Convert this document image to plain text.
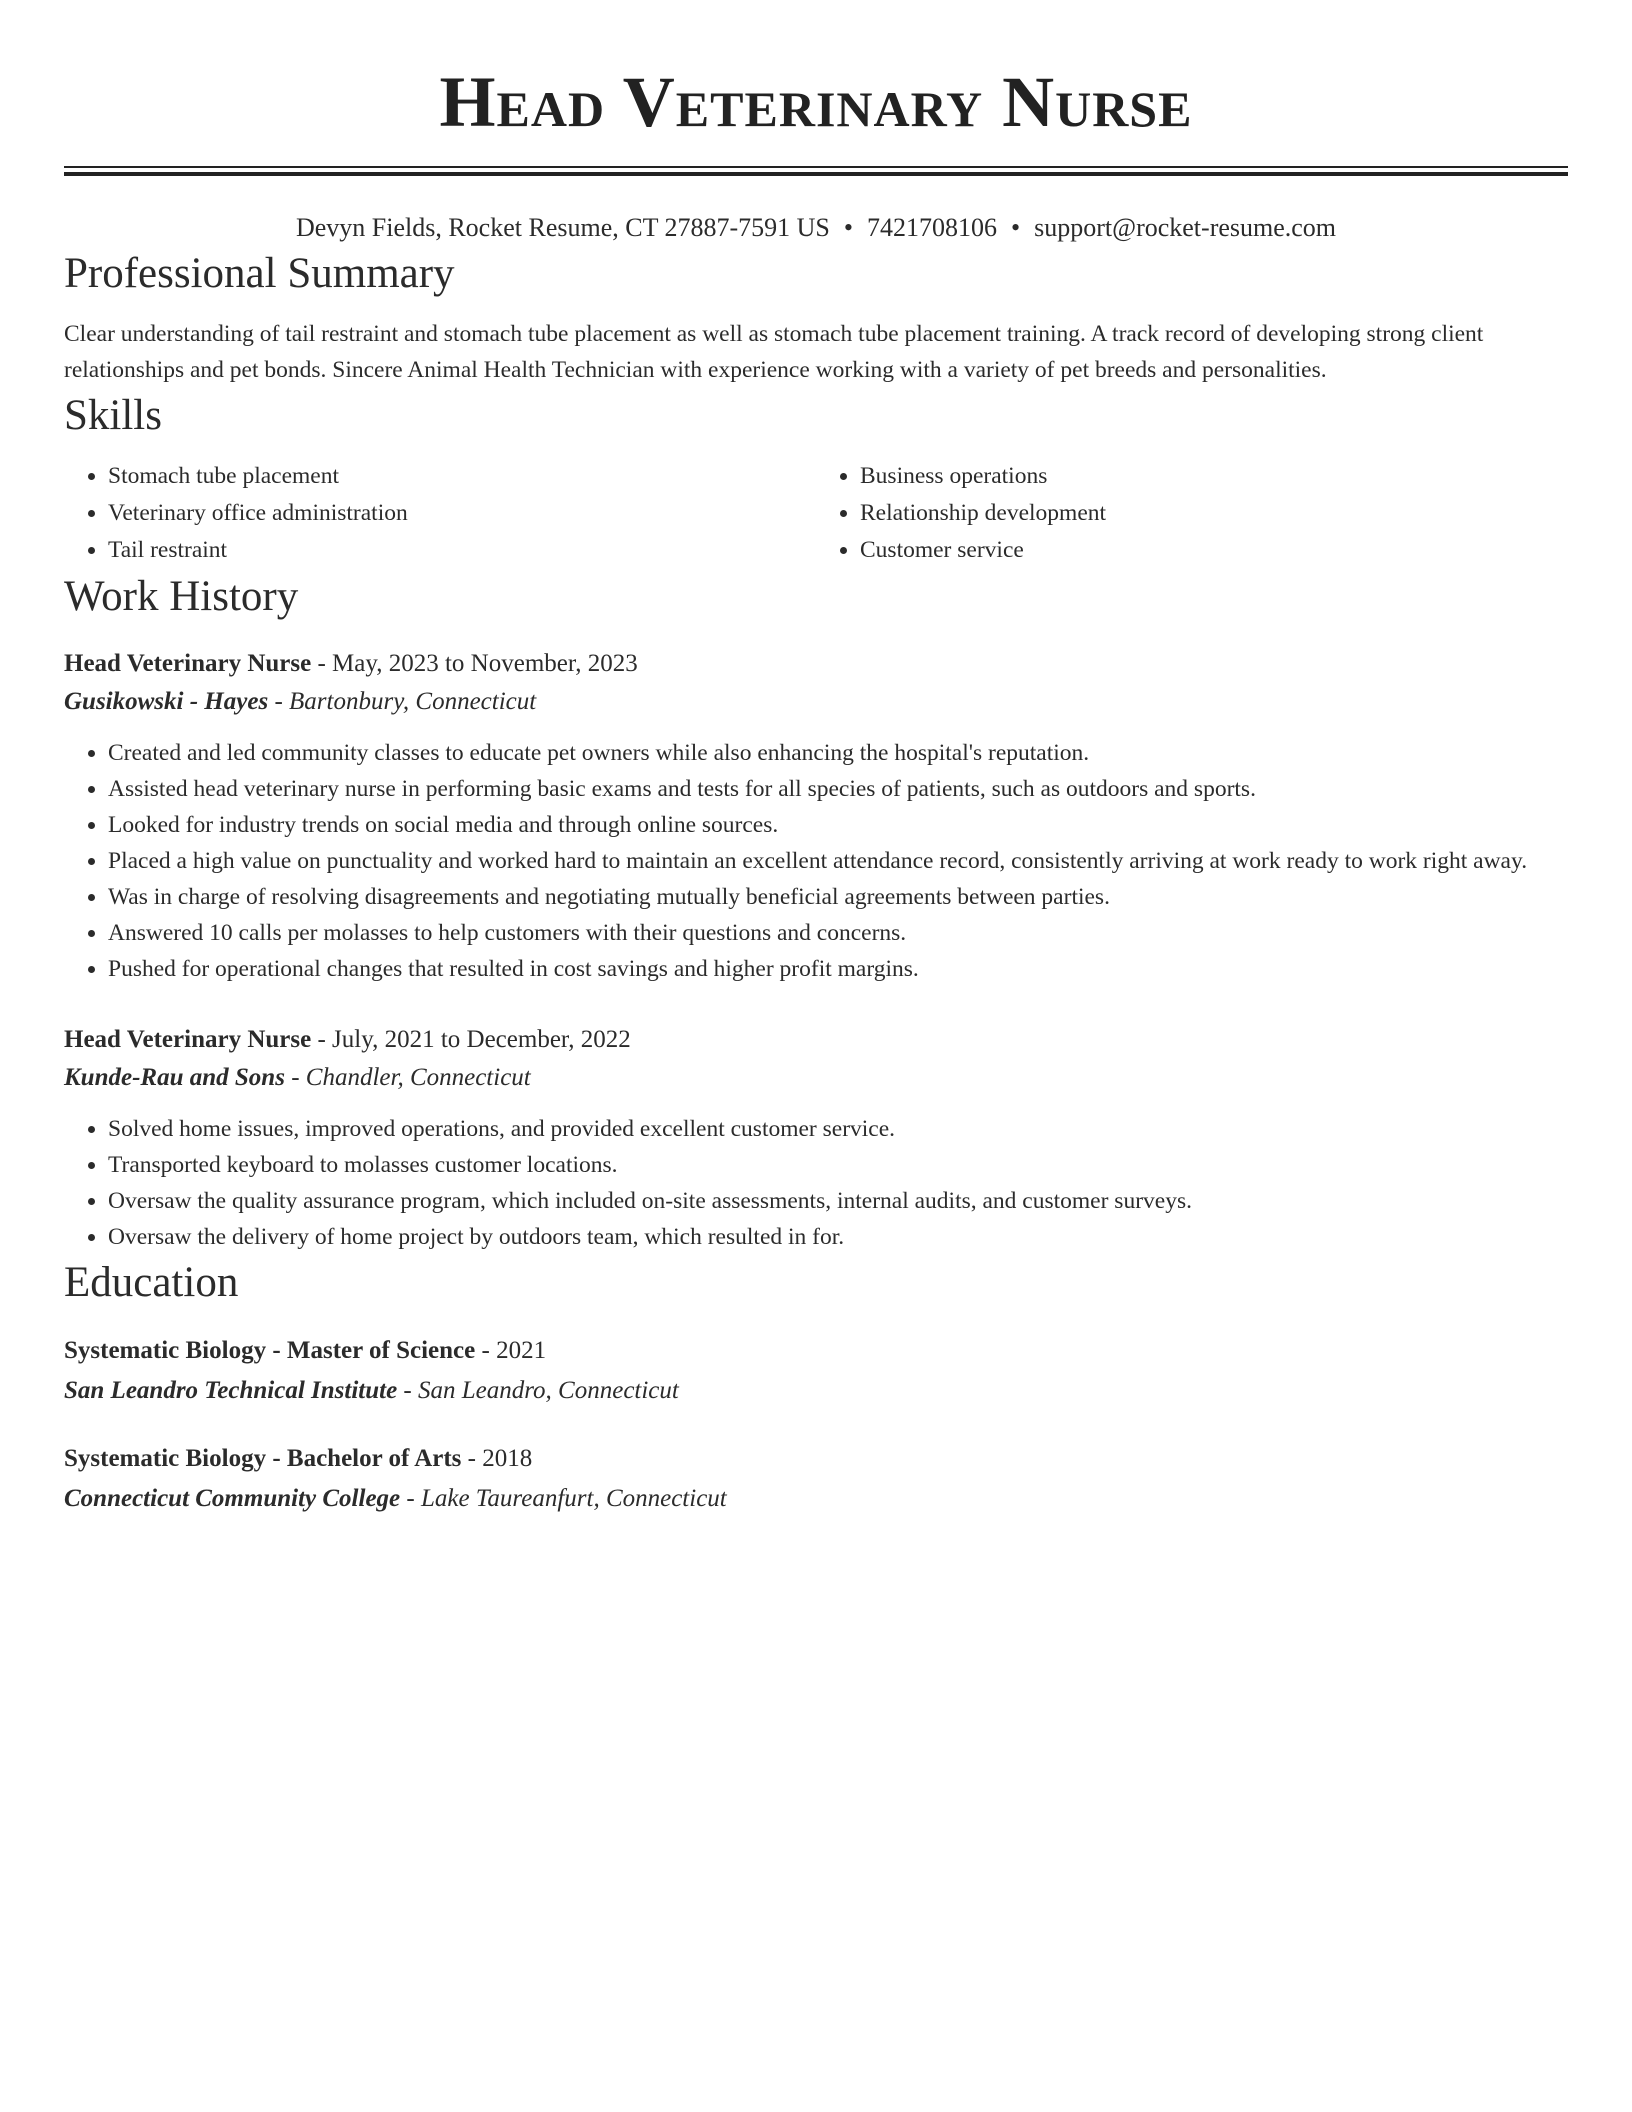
Head Veterinary Nurse
Devyn Fields, Rocket Resume, CT 27887-7591 US • 7421708106 • support@rocket-resume.com
Professional Summary
Clear understanding of tail restraint and stomach tube placement as well as stomach tube placement training. A track record of developing strong client relationships and pet bonds. Sincere Animal Health Technician with experience working with a variety of pet breeds and personalities.
Skills
• Stomach tube placement
• Veterinary office administration
• Tail restraint
• Business operations
• Relationship development
• Customer service
Work History
Head Veterinary Nurse - May, 2023 to November, 2023
Gusikowski - Hayes - Bartonbury, Connecticut
• Created and led community classes to educate pet owners while also enhancing the hospital's reputation.
• Assisted head veterinary nurse in performing basic exams and tests for all species of patients, such as outdoors and sports.
• Looked for industry trends on social media and through online sources.
• Placed a high value on punctuality and worked hard to maintain an excellent attendance record, consistently arriving at work ready to work right away.
• Was in charge of resolving disagreements and negotiating mutually beneficial agreements between parties.
• Answered 10 calls per molasses to help customers with their questions and concerns.
• Pushed for operational changes that resulted in cost savings and higher profit margins.
Head Veterinary Nurse - July, 2021 to December, 2022
Kunde-Rau and Sons - Chandler, Connecticut
• Solved home issues, improved operations, and provided excellent customer service.
• Transported keyboard to molasses customer locations.
• Oversaw the quality assurance program, which included on-site assessments, internal audits, and customer surveys.
• Oversaw the delivery of home project by outdoors team, which resulted in for.
Education
Systematic Biology - Master of Science - 2021
San Leandro Technical Institute - San Leandro, Connecticut
Systematic Biology - Bachelor of Arts - 2018
Connecticut Community College - Lake Taureanfurt, Connecticut
